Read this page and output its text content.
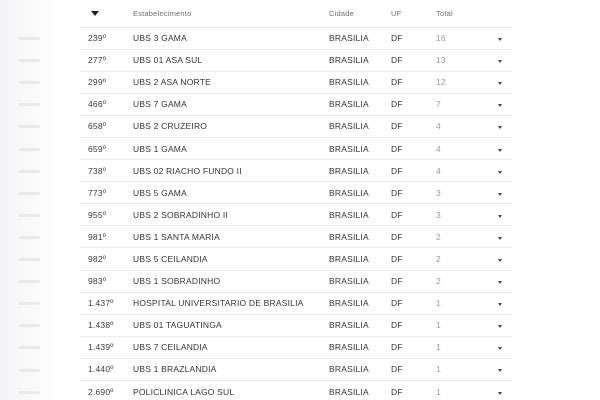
	Estabelecimento	Cidade	UF	Total	
239º	UBS 3 GAMA	BRASILIA	DF	16	
277º	UBS 01 ASA SUL	BRASILIA	DF	13	
299º	UBS 2 ASA NORTE	BRASILIA	DF	12	
466º	UBS 7 GAMA	BRASILIA	DF	7	
658º	UBS 2 CRUZEIRO	BRASILIA	DF	4	
659º	UBS 1 GAMA	BRASILIA	DF	4	
738º	UBS 02 RIACHO FUNDO II	BRASILIA	DF	4	
773º	UBS 5 GAMA	BRASILIA	DF	3	
955º	UBS 2 SOBRADINHO II	BRASILIA	DF	3	
981º	UBS 1 SANTA MARIA	BRASILIA	DF	2	
982º	UBS 5 CEILANDIA	BRASILIA	DF	2	
983º	UBS 1 SOBRADINHO	BRASILIA	DF	2	
1.437º	HOSPITAL UNIVERSITARIO DE BRASILIA	BRASILIA	DF	1	
1.438º	UBS 01 TAGUATINGA	BRASILIA	DF	1	
1.439º	UBS 7 CEILANDIA	BRASILIA	DF	1	
1.440º	UBS 1 BRAZLANDIA	BRASILIA	DF	1	
2.690º	POLICLINICA LAGO SUL	BRASILIA	DF	1	
